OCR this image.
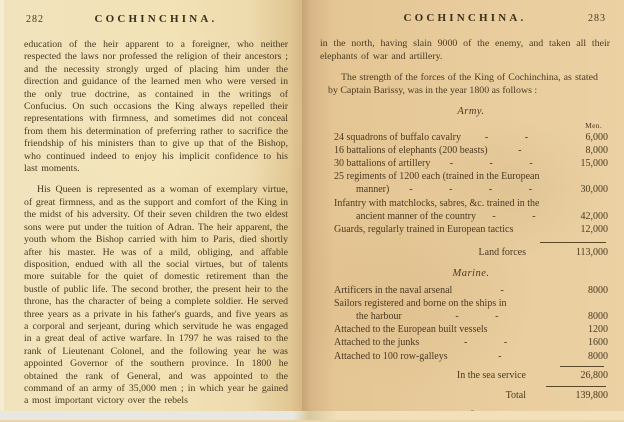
282	COCHINCHINA.

education of the heir apparent to a foreigner, who neither respected the laws nor professed the religion of their ancestors ; and the necessity strongly urged of placing him under the direction and guidance of the learned men who were versed in the only true doctrine, as contained in the writings of Confucius. On such occasions the King always repelled their representations with firmness, and sometimes did not conceal from them his determination of preferring rather to sacrifice the friendship of his ministers than to give up that of the Bishop, who continued indeed to enjoy his implicit confidence to his last moments.

His Queen is represented as a woman of exemplary virtue, of great firmness, and as the support and comfort of the King in the midst of his adversity. Of their seven children the two eldest sons were put under the tuition of Adran. The heir apparent, the youth whom the Bishop carried with him to Paris, died shortly after his master. He was of a mild, obliging, and affable disposition, endued with all the social virtues, but of talents more suitable for the quiet of domestic retirement than the bustle of public life. The second brother, the present heir to the throne, has the character of being a complete soldier. He served three years as a private in his father's guards, and five years as a corporal and serjeant, during which servitude he was engaged in a great deal of active warfare. In 1797 he was raised to the rank of Lieutenant Colonel, and the following year he was appointed Governor of the southern province. In 1800 he obtained the rank of General, and was appointed to the command of an army of 35,000 men ; in which year he gained a most important victory over the rebels

283
COCHINCHINA.

in the north, having slain 9000 of the enemy, and taken all their elephants of war and artillery.

The strength of the forces of the King of Cochinchina, as stated by Captain Barissy, was in the year 1800 as follows :

Army.
Men.
24 squadrons of buffalo cavalry	- -	6,000
16 battalions of elephants (200 beasts)	-	8,000
30 battalions of artillery	- - -	15,000
25 regiments of 1200 each (trained in the European
manner)	- - - -	30,000
Infantry with matchlocks, sabres, &c. trained in the
ancient manner of the country	- -	42,000
Guards, regularly trained in European tactics	12,000
Land forces	113,000
Marine.
Artificers in the naval arsenal	-	8000
Sailors registered and borne on the ships in
the harbour	- -	8000
Attached to the European built vessels	1200
Attached to the junks	- -	1600
Attached to 100 row-galleys	-	8000
In the sea service	26,800
Total	139,800
